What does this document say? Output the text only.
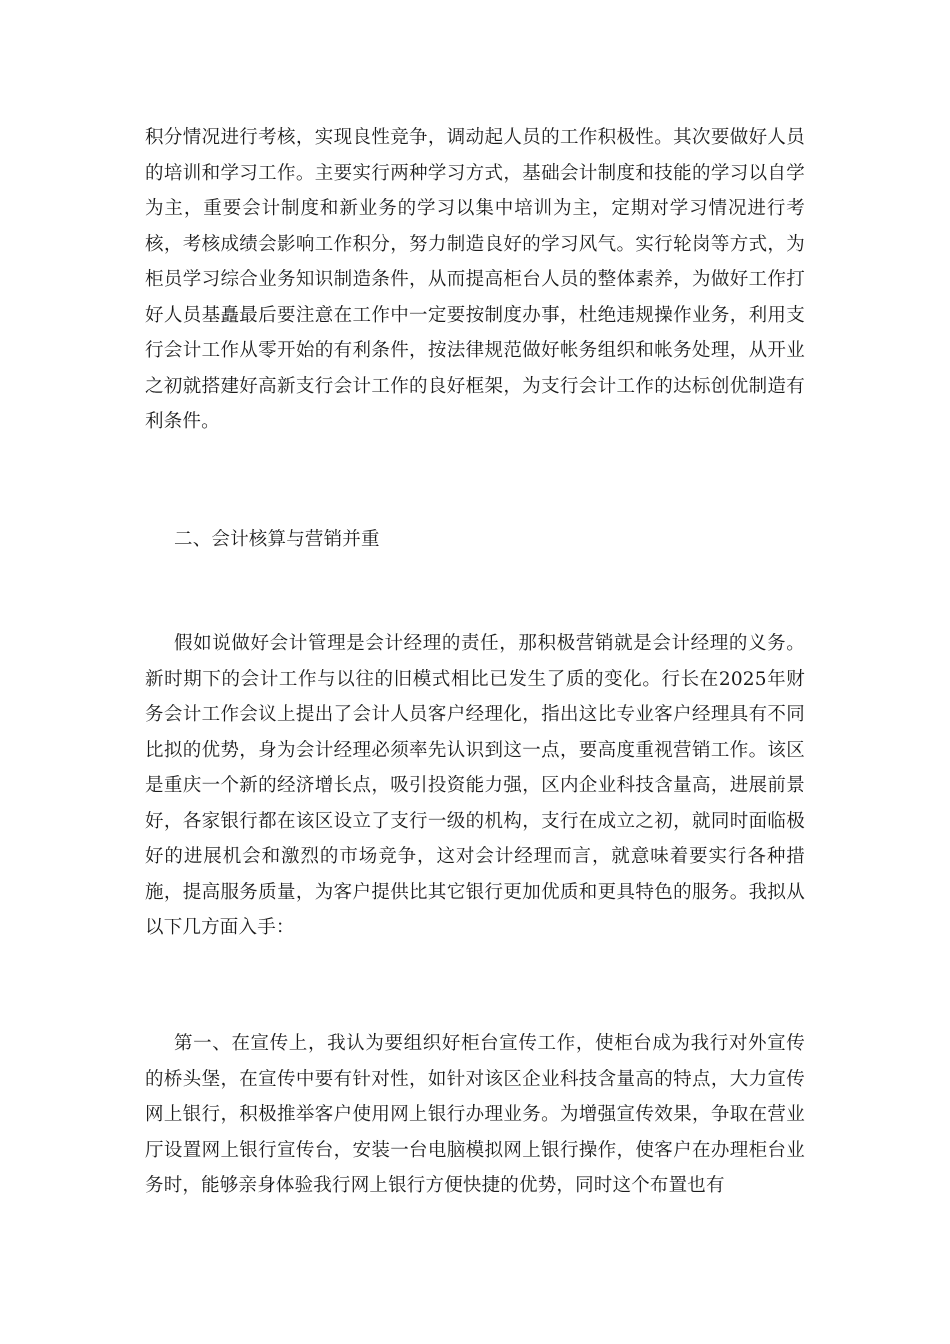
积分情况进行考核，实现良性竞争，调动起人员的工作积极性。其次要做好人员的培训和学习工作。主要实行两种学习方式，基础会计制度和技能的学习以自学为主，重要会计制度和新业务的学习以集中培训为主，定期对学习情况进行考核，考核成绩会影响工作积分，努力制造良好的学习风气。实行轮岗等方式，为柜员学习综合业务知识制造条件，从而提高柜台人员的整体素养，为做好工作打好人员基矗最后要注意在工作中一定要按制度办事，杜绝违规操作业务，利用支行会计工作从零开始的有利条件，按法律规范做好帐务组织和帐务处理，从开业之初就搭建好高新支行会计工作的良好框架，为支行会计工作的达标创优制造有利条件。

二、会计核算与营销并重

假如说做好会计管理是会计经理的责任，那积极营销就是会计经理的义务。新时期下的会计工作与以往的旧模式相比已发生了质的变化。行长在2025年财务会计工作会议上提出了会计人员客户经理化，指出这比专业客户经理具有不同比拟的优势，身为会计经理必须率先认识到这一点，要高度重视营销工作。该区是重庆一个新的经济增长点，吸引投资能力强，区内企业科技含量高，进展前景好，各家银行都在该区设立了支行一级的机构，支行在成立之初，就同时面临极好的进展机会和激烈的市场竞争，这对会计经理而言，就意味着要实行各种措施，提高服务质量，为客户提供比其它银行更加优质和更具特色的服务。我拟从以下几方面入手：

第一、在宣传上，我认为要组织好柜台宣传工作，使柜台成为我行对外宣传的桥头堡，在宣传中要有针对性，如针对该区企业科技含量高的特点，大力宣传网上银行，积极推举客户使用网上银行办理业务。为增强宣传效果，争取在营业厅设置网上银行宣传台，安装一台电脑模拟网上银行操作，使客户在办理柜台业务时，能够亲身体验我行网上银行方便快捷的优势，同时这个布置也有
